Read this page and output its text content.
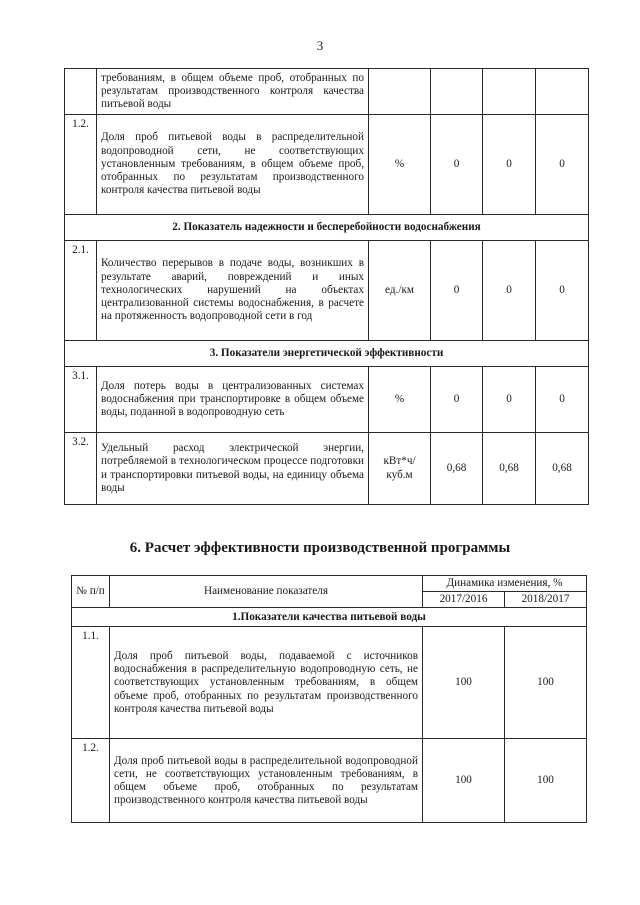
3
	требованиям, в общем объеме проб, отобранных по результатам производственного контроля качества питьевой воды				
1.2.	Доля проб питьевой воды в распределительной водопроводной сети, не соответствующих установленным требованиям, в общем объеме проб, отобранных по результатам производственного контроля качества питьевой воды	%	0	0	0
2. Показатель надежности и бесперебойности водоснабжения					
2.1.	Количество перерывов в подаче воды, возникших в результате аварий, повреждений и иных технологических нарушений на объектах централизованной системы водоснабжения, в расчете на протяженность водопроводной сети в год	ед./км	0	0	0
3. Показатели энергетической эффективности					
3.1.	Доля потерь воды в централизованных системах водоснабжения при транспортировке в общем объеме воды, поданной в водопроводную сеть	%	0	0	0
3.2.	Удельный расход электрической энергии, потребляемой в технологическом процессе подготовки и транспортировки питьевой воды, на единицу объема воды	кВт*ч/ куб.м	0,68	0,68	0,68
6. Расчет эффективности производственной программы
№ п/п	Наименование показателя	Динамика изменения, %	
		2017/2016	2018/2017
1.Показатели качества питьевой воды			
1.1.	Доля проб питьевой воды, подаваемой с источников водоснабжения в распределительную водопроводную сеть, не соответствующих установленным требованиям, в общем объеме проб, отобранных по результатам производственного контроля качества питьевой воды	100	100
1.2.	Доля проб питьевой воды в распределительной водопроводной сети, не соответствующих установленным требованиям, в общем объеме проб, отобранных по результатам производственного контроля качества питьевой воды	100	100
